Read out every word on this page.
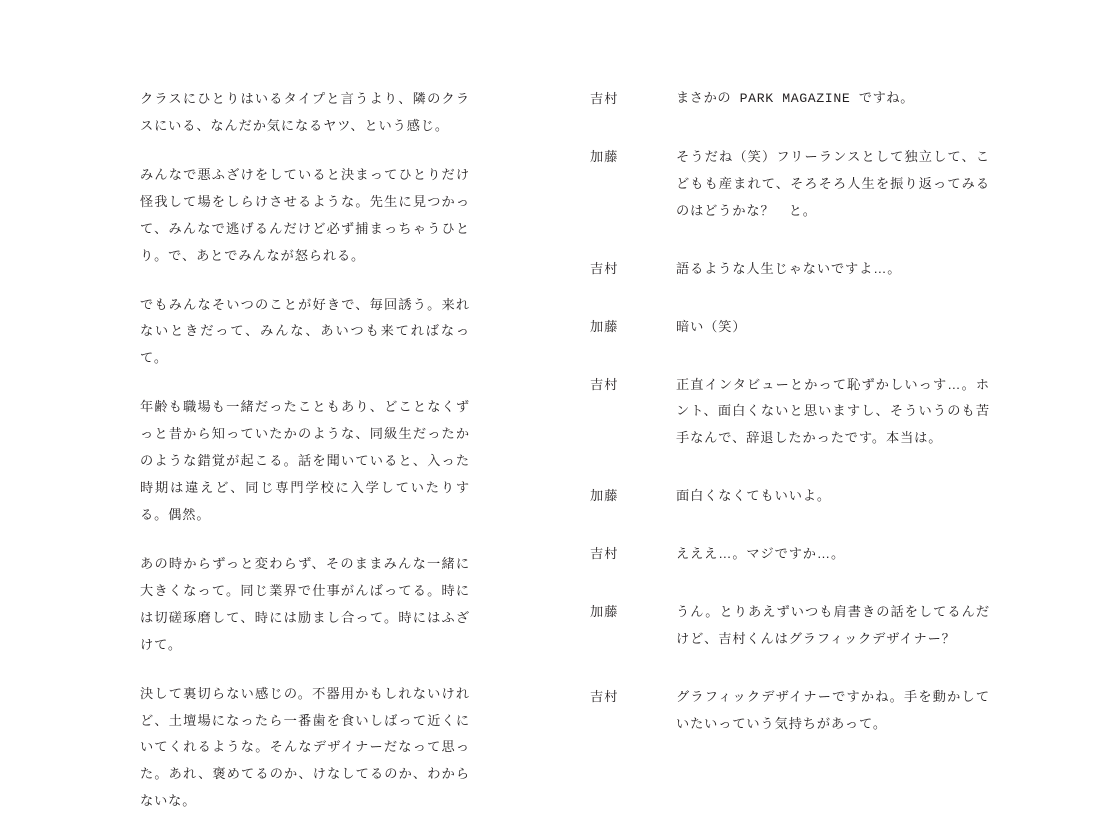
クラスにひとりはいるタイプと言うより、隣のクラスにいる、なんだか気になるヤツ、という感じ。

みんなで悪ふざけをしていると決まってひとりだけ怪我して場をしらけさせるような。先生に見つかって、みんなで逃げるんだけど必ず捕まっちゃうひとり。で、あとでみんなが怒られる。

でもみんなそいつのことが好きで、毎回誘う。来れないときだって、みんな、あいつも来てればなって。

年齢も職場も一緒だったこともあり、どことなくずっと昔から知っていたかのような、同級生だったかのような錯覚が起こる。話を聞いていると、入った時期は違えど、同じ専門学校に入学していたりする。偶然。

あの時からずっと変わらず、そのままみんな一緒に大きくなって。同じ業界で仕事がんばってる。時には切磋琢磨して、時には励まし合って。時にはふざけて。

決して裏切らない感じの。不器用かもしれないけれど、土壇場になったら一番歯を食いしばって近くにいてくれるような。そんなデザイナーだなって思った。あれ、褒めてるのか、けなしてるのか、わからないな。

吉村	まさかの PARK MAGAZINE ですね。
加藤	そうだね（笑）フリーランスとして独立して、こどもも産まれて、そろそろ人生を振り返ってみるのはどうかな？　と。
吉村	語るような人生じゃないですよ…。
加藤	暗い（笑）
吉村	正直インタビューとかって恥ずかしいっす…。ホント、面白くないと思いますし、そういうのも苦手なんで、辞退したかったです。本当は。
加藤	面白くなくてもいいよ。
吉村	えええ…。マジですか…。
加藤	うん。とりあえずいつも肩書きの話をしてるんだけど、吉村くんはグラフィックデザイナー？
吉村	グラフィックデザイナーですかね。手を動かしていたいっていう気持ちがあって。
